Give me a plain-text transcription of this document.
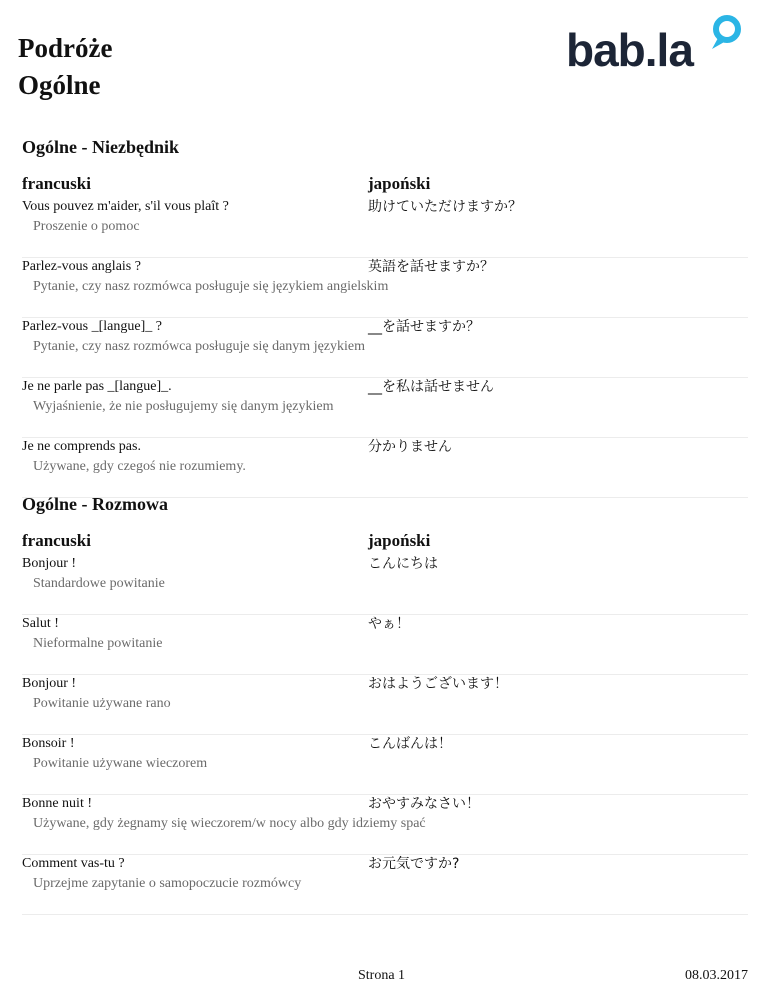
Podróże
Ogólne
bab.la
Ogólne - Niezbędnik
francuski	japoński
Vous pouvez m'aider, s'il vous plaît ?	助けていただけますか？
Proszenie o pomoc
Parlez-vous anglais ?	英語を話せますか？
Pytanie, czy nasz rozmówca posługuje się językiem angielskim
Parlez-vous _[langue]_ ?	__を話せますか？
Pytanie, czy nasz rozmówca posługuje się danym językiem
Je ne parle pas _[langue]_.	__を私は話せません
Wyjaśnienie, że nie posługujemy się danym językiem
Je ne comprends pas.	分かりません
Używane, gdy czegoś nie rozumiemy.
Ogólne - Rozmowa
francuski	japoński
Bonjour !	こんにちは
Standardowe powitanie
Salut !	やぁ！
Nieformalne powitanie
Bonjour !	おはようございます！
Powitanie używane rano
Bonsoir !	こんばんは！
Powitanie używane wieczorem
Bonne nuit !	おやすみなさい！
Używane, gdy żegnamy się wieczorem/w nocy albo gdy idziemy spać
Comment vas-tu ?	お元気ですか?
Uprzejme zapytanie o samopoczucie rozmówcy
Strona 1	08.03.2017
